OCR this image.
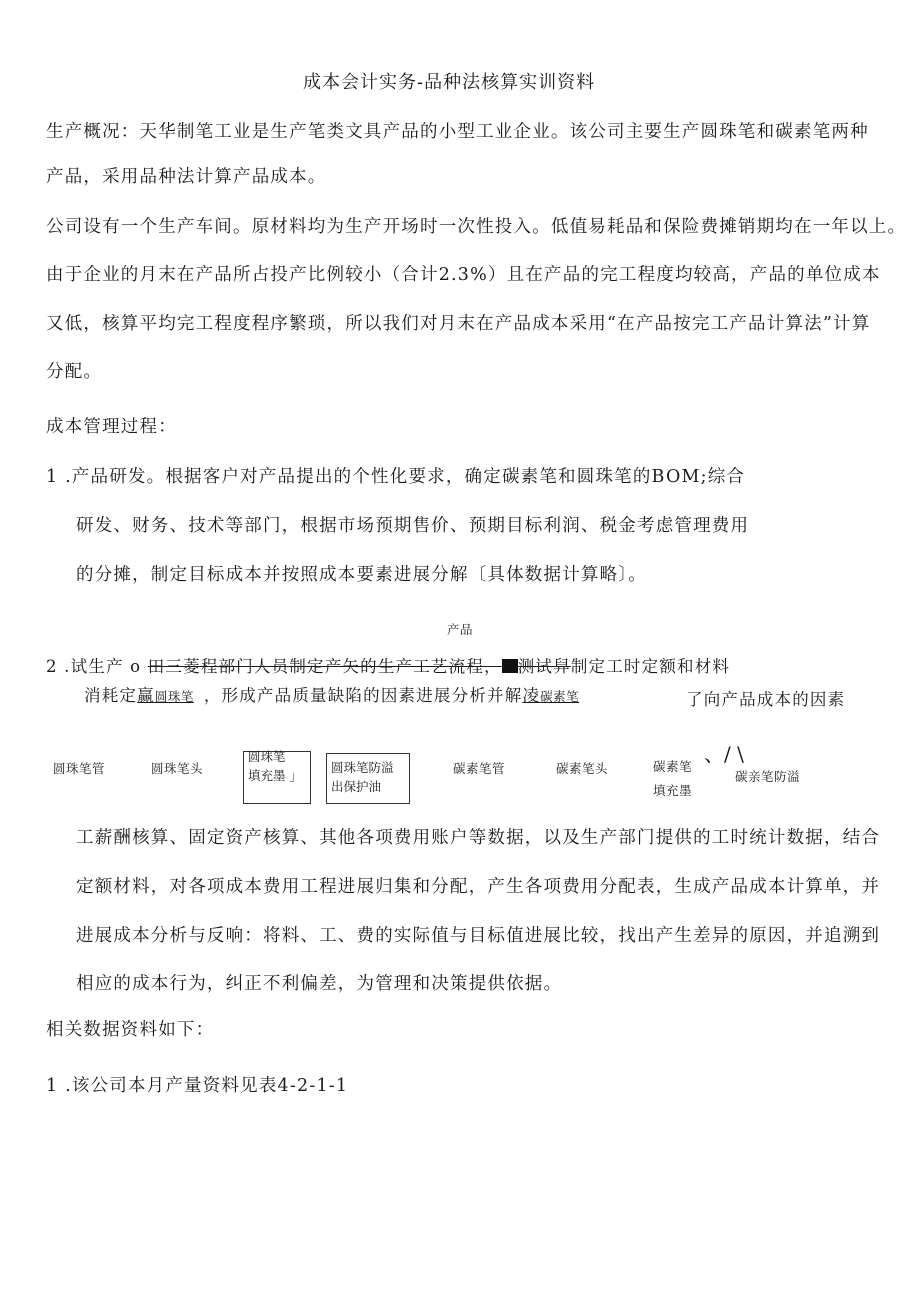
成本会计实务-品种法核算实训资料
生产概况：天华制笔工业是生产笔类文具产品的小型工业企业。该公司主要生产圆珠笔和碳素笔两种
产品，采用品种法计算产品成本。
公司设有一个生产车间。原材料均为生产开场时一次性投入。低值易耗品和保险费摊销期均在一年以上。
由于企业的月末在产品所占投产比例较小（合计2.3%）且在产品的完工程度均较高，产品的单位成本
又低，核算平均完工程度程序繁琐，所以我们对月末在产品成本采用“在产品按完工产品计算法”计算
分配。
成本管理过程：
1 .产品研发。根据客户对产品提出的个性化要求，确定碳素笔和圆珠笔的BOM;综合
研发、财务、技术等部门，根据市场预期售价、预期目标利润、税金考虑管理费用
的分摊，制定目标成本并按照成本要素进展分解〔具体数据计算略〕。
产品
2 .试生产 o 田三菱程部门人员制定产矢的生产工艺流程， 测试舁制定工时定额和材料
消耗定赢圆珠笔 ，形成产品质量缺陷的因素进展分析并解凌碳素笔	了向产品成本的因素
、/ \
圆珠笔管	圆珠笔头
圆珠笔
填充墨 」
圆珠笔防溢
出保护油
碳素笔管	碳素笔头	碳素笔
填充墨
碳亲笔防溢
工薪酬核算、固定资产核算、其他各项费用账户等数据，以及生产部门提供的工时统计数据，结合
定额材料，对各项成本费用工程进展归集和分配，产生各项费用分配表，生成产品成本计算单，并
进展成本分析与反响：将料、工、费的实际值与目标值进展比较，找出产生差异的原因，并追溯到
相应的成本行为，纠正不利偏差，为管理和决策提供依据。
相关数据资料如下：
1 .该公司本月产量资料见表4-2-1-1
